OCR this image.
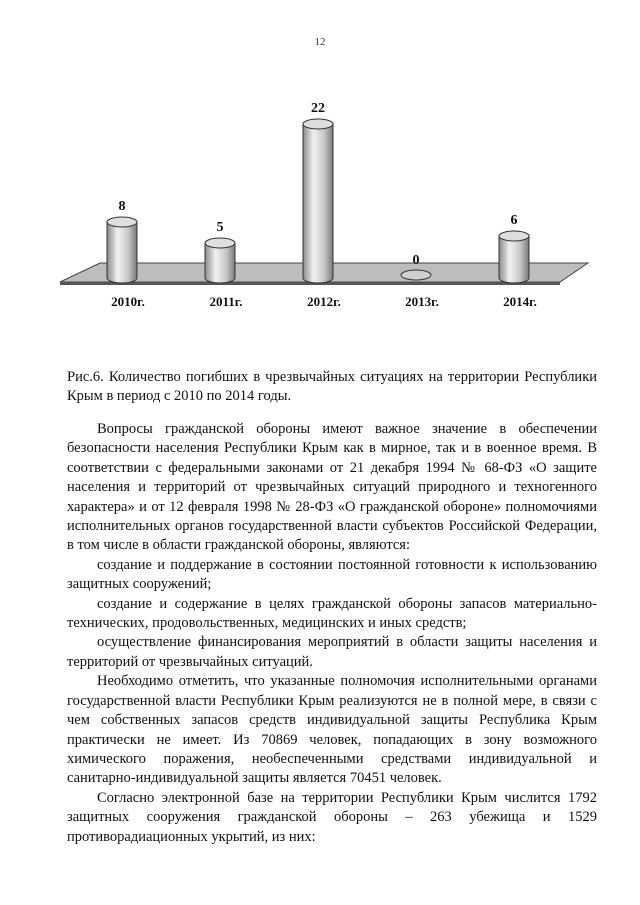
12
8
2010г.
5
2011г.
22
2012г.
0
2013г.
6
2014г.
Рис.6. Количество погибших в чрезвычайных ситуациях на территории Республики Крым в период с 2010 по 2014 годы.

Вопросы гражданской обороны имеют важное значение в обеспечении безопасности населения Республики Крым как в мирное, так и в военное время. В соответствии с федеральными законами от 21 декабря 1994 № 68-ФЗ «О защите населения и территорий от чрезвычайных ситуаций природного и техногенного характера» и от 12 февраля 1998 № 28-ФЗ «О гражданской обороне» полномочиями исполнительных органов государственной власти субъектов Российской Федерации, в том числе в области гражданской обороны, являются:

создание и поддержание в состоянии постоянной готовности к использованию защитных сооружений;

создание и содержание в целях гражданской обороны запасов материально-технических, продовольственных, медицинских и иных средств;

осуществление финансирования мероприятий в области защиты населения и территорий от чрезвычайных ситуаций.

Необходимо отметить, что указанные полномочия исполнительными органами государственной власти Республики Крым реализуются не в полной мере, в связи с чем собственных запасов средств индивидуальной защиты Республика Крым практически не имеет. Из 70869 человек, попадающих в зону возможного химического поражения, необеспеченными средствами индивидуальной и санитарно-индивидуальной защиты является 70451 человек.

Согласно электронной базе на территории Республики Крым числится 1792 защитных сооружения гражданской обороны – 263 убежища и 1529 противорадиационных укрытий, из них:
